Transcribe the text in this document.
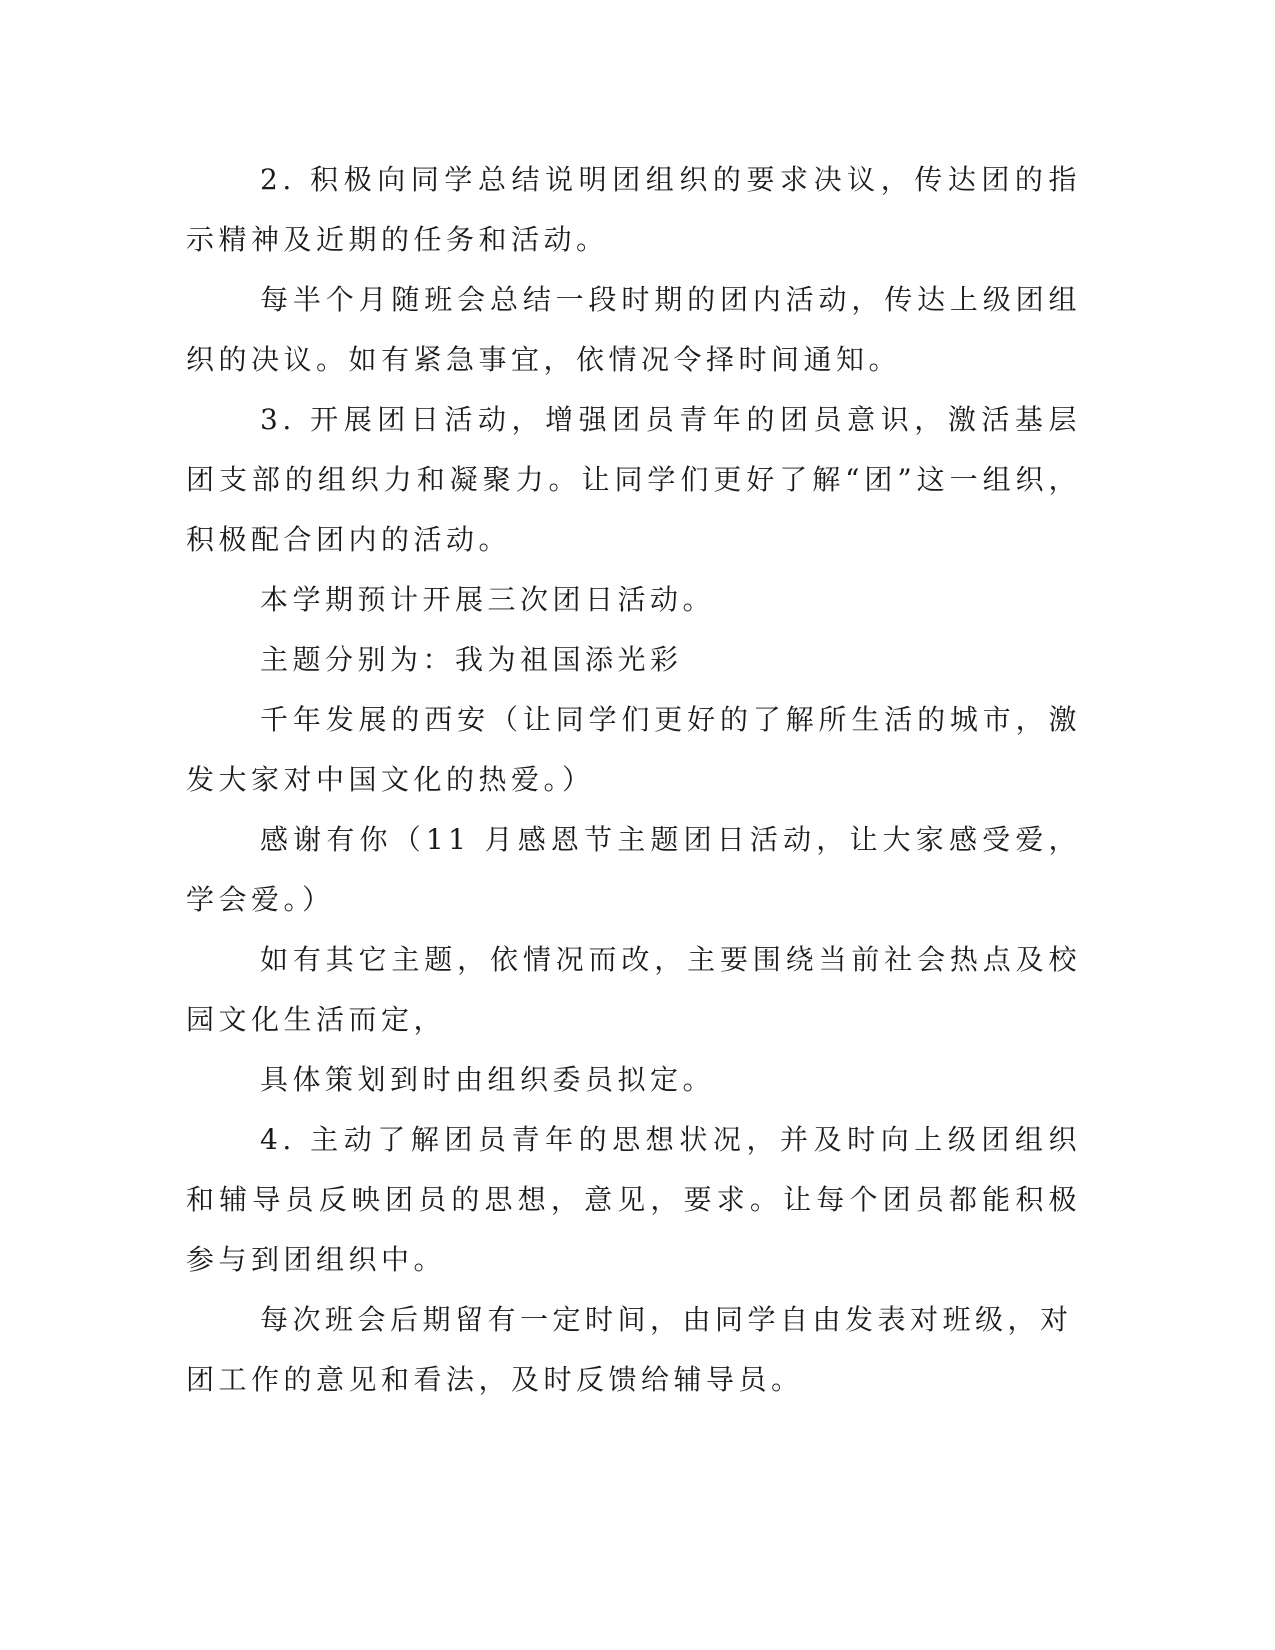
2. 积极向同学总结说明团组织的要求决议，传达团的指示精神及近期的任务和活动。

每半个月随班会总结一段时期的团内活动，传达上级团组织的决议。如有紧急事宜，依情况令择时间通知。

3. 开展团日活动，增强团员青年的团员意识，激活基层团支部的组织力和凝聚力。让同学们更好了解“团”这一组织，积极配合团内的活动。

本学期预计开展三次团日活动。

主题分别为：我为祖国添光彩

千年发展的西安（让同学们更好的了解所生活的城市，激发大家对中国文化的热爱。）

感谢有你（11 月感恩节主题团日活动，让大家感受爱，学会爱。）

如有其它主题，依情况而改，主要围绕当前社会热点及校园文化生活而定，

具体策划到时由组织委员拟定。

4. 主动了解团员青年的思想状况，并及时向上级团组织和辅导员反映团员的思想，意见，要求。让每个团员都能积极参与到团组织中。

每次班会后期留有一定时间，由同学自由发表对班级，对团工作的意见和看法，及时反馈给辅导员。
